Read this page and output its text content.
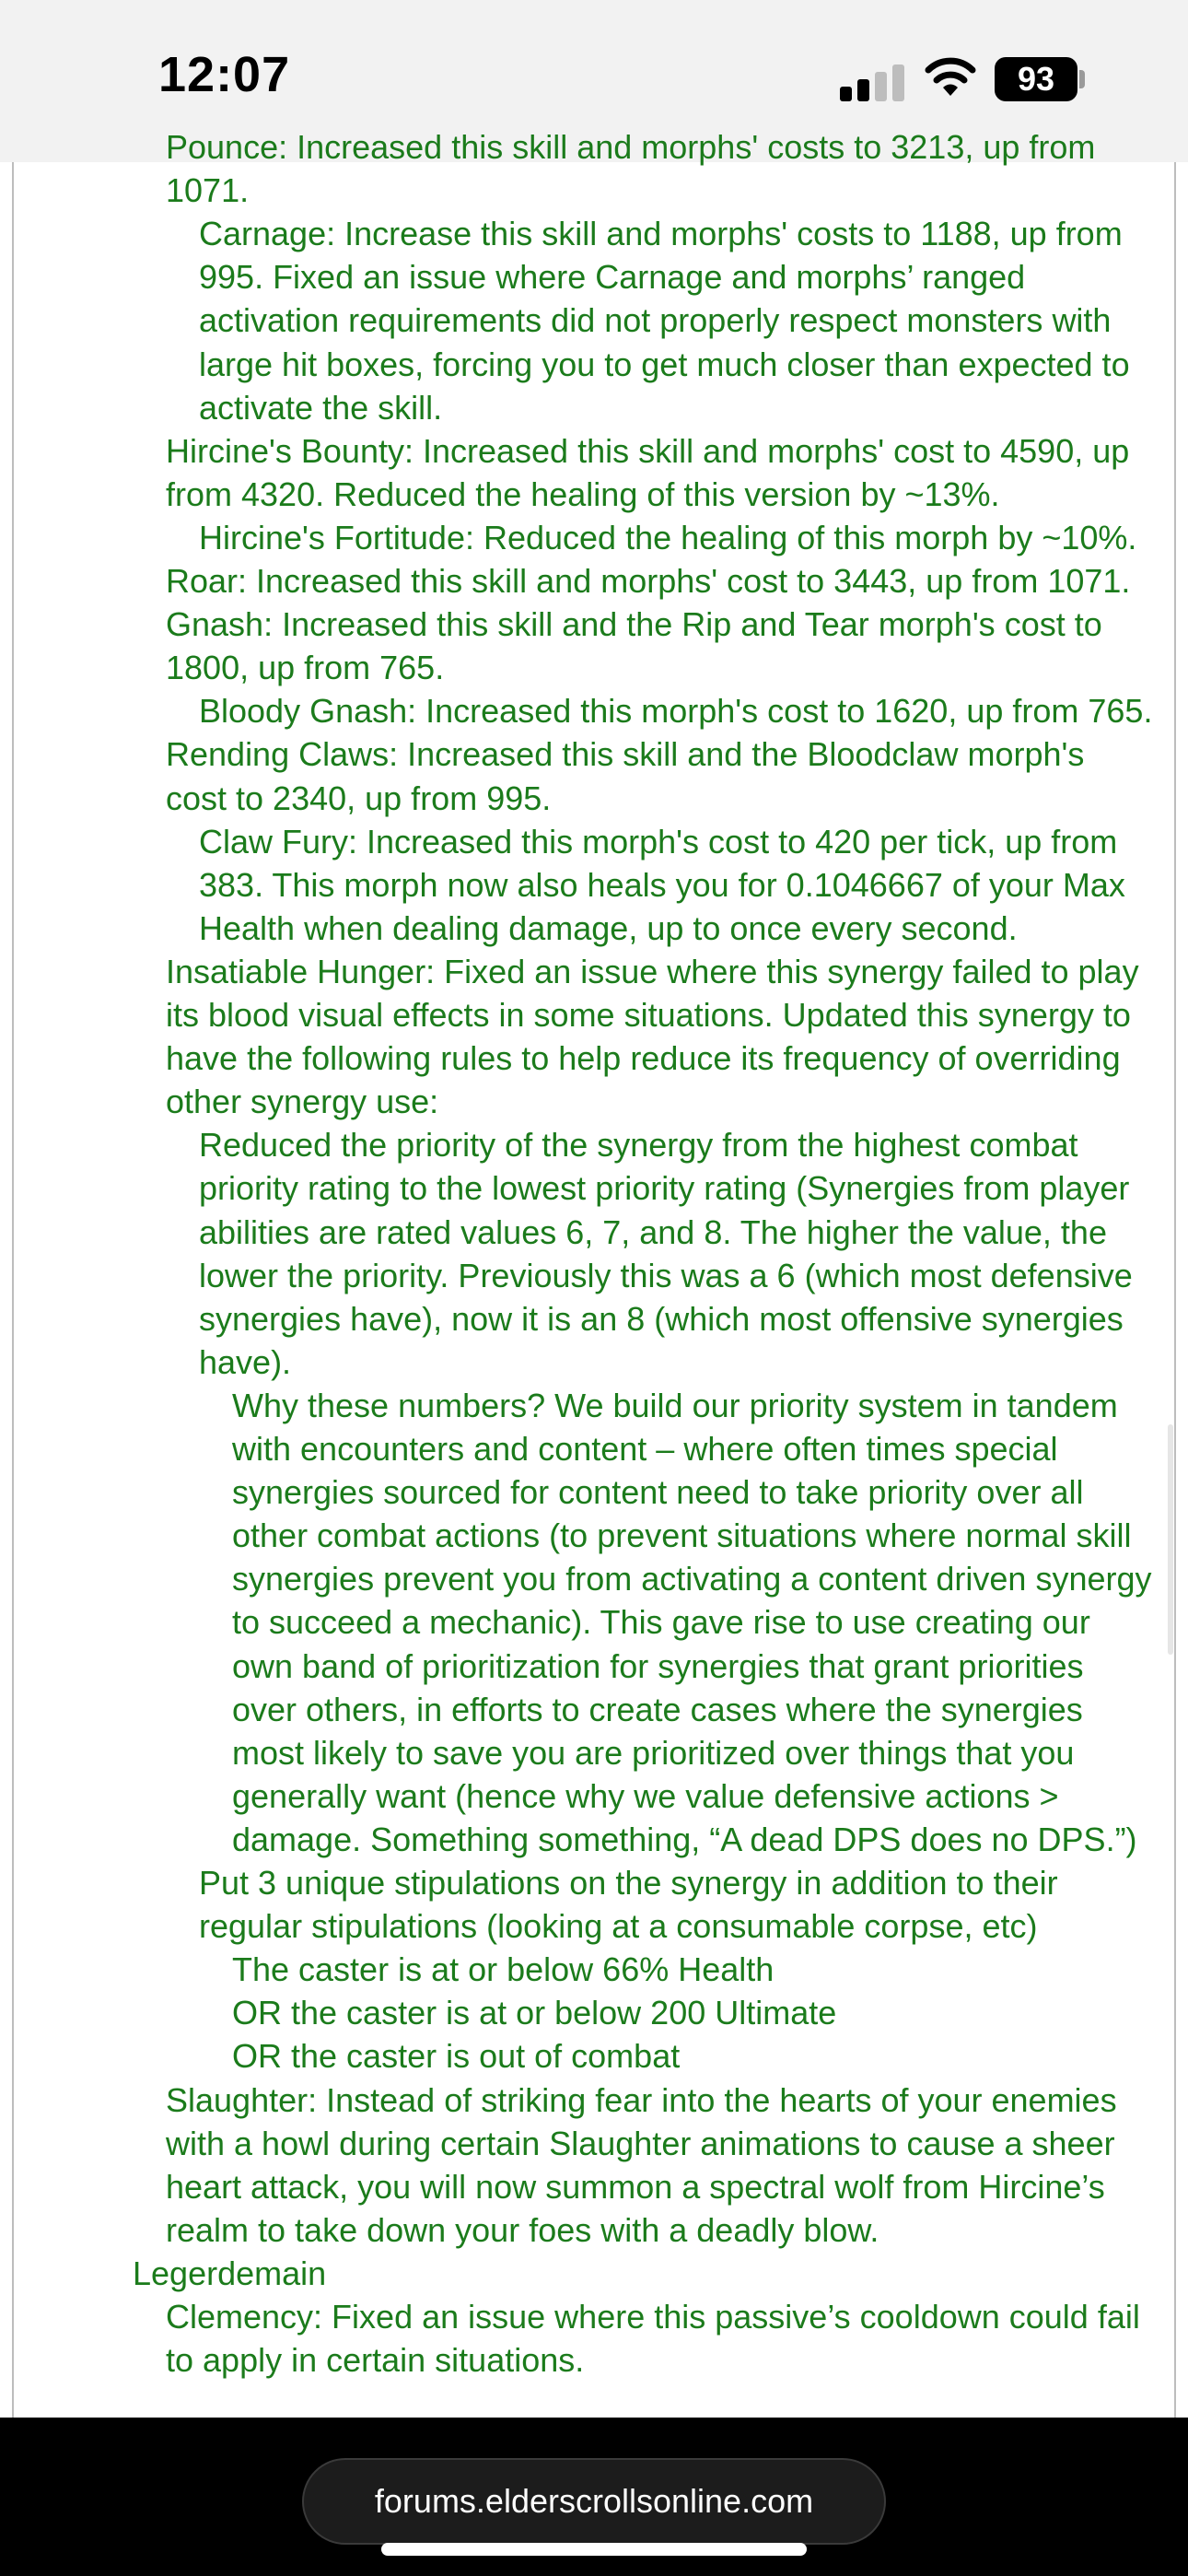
12:07	93
Pounce: Increased this skill and morphs' costs to 3213, up from
1071.
Carnage: Increase this skill and morphs' costs to 1188, up from
995. Fixed an issue where Carnage and morphs’ ranged
activation requirements did not properly respect monsters with
large hit boxes, forcing you to get much closer than expected to
activate the skill.
Hircine's Bounty: Increased this skill and morphs' cost to 4590, up
from 4320. Reduced the healing of this version by ~13%.
Hircine's Fortitude: Reduced the healing of this morph by ~10%.
Roar: Increased this skill and morphs' cost to 3443, up from 1071.
Gnash: Increased this skill and the Rip and Tear morph's cost to
1800, up from 765.
Bloody Gnash: Increased this morph's cost to 1620, up from 765.
Rending Claws: Increased this skill and the Bloodclaw morph's
cost to 2340, up from 995.
Claw Fury: Increased this morph's cost to 420 per tick, up from
383. This morph now also heals you for 0.1046667 of your Max
Health when dealing damage, up to once every second.
Insatiable Hunger: Fixed an issue where this synergy failed to play
its blood visual effects in some situations. Updated this synergy to
have the following rules to help reduce its frequency of overriding
other synergy use:
Reduced the priority of the synergy from the highest combat
priority rating to the lowest priority rating (Synergies from player
abilities are rated values 6, 7, and 8. The higher the value, the
lower the priority. Previously this was a 6 (which most defensive
synergies have), now it is an 8 (which most offensive synergies
have).
Why these numbers? We build our priority system in tandem
with encounters and content – where often times special
synergies sourced for content need to take priority over all
other combat actions (to prevent situations where normal skill
synergies prevent you from activating a content driven synergy
to succeed a mechanic). This gave rise to use creating our
own band of prioritization for synergies that grant priorities
over others, in efforts to create cases where the synergies
most likely to save you are prioritized over things that you
generally want (hence why we value defensive actions >
damage. Something something, “A dead DPS does no DPS.”)
Put 3 unique stipulations on the synergy in addition to their
regular stipulations (looking at a consumable corpse, etc)
The caster is at or below 66% Health
OR the caster is at or below 200 Ultimate
OR the caster is out of combat
Slaughter: Instead of striking fear into the hearts of your enemies
with a howl during certain Slaughter animations to cause a sheer
heart attack, you will now summon a spectral wolf from Hircine’s
realm to take down your foes with a deadly blow.
Legerdemain
Clemency: Fixed an issue where this passive’s cooldown could fail
to apply in certain situations.
forums.elderscrollsonline.com
